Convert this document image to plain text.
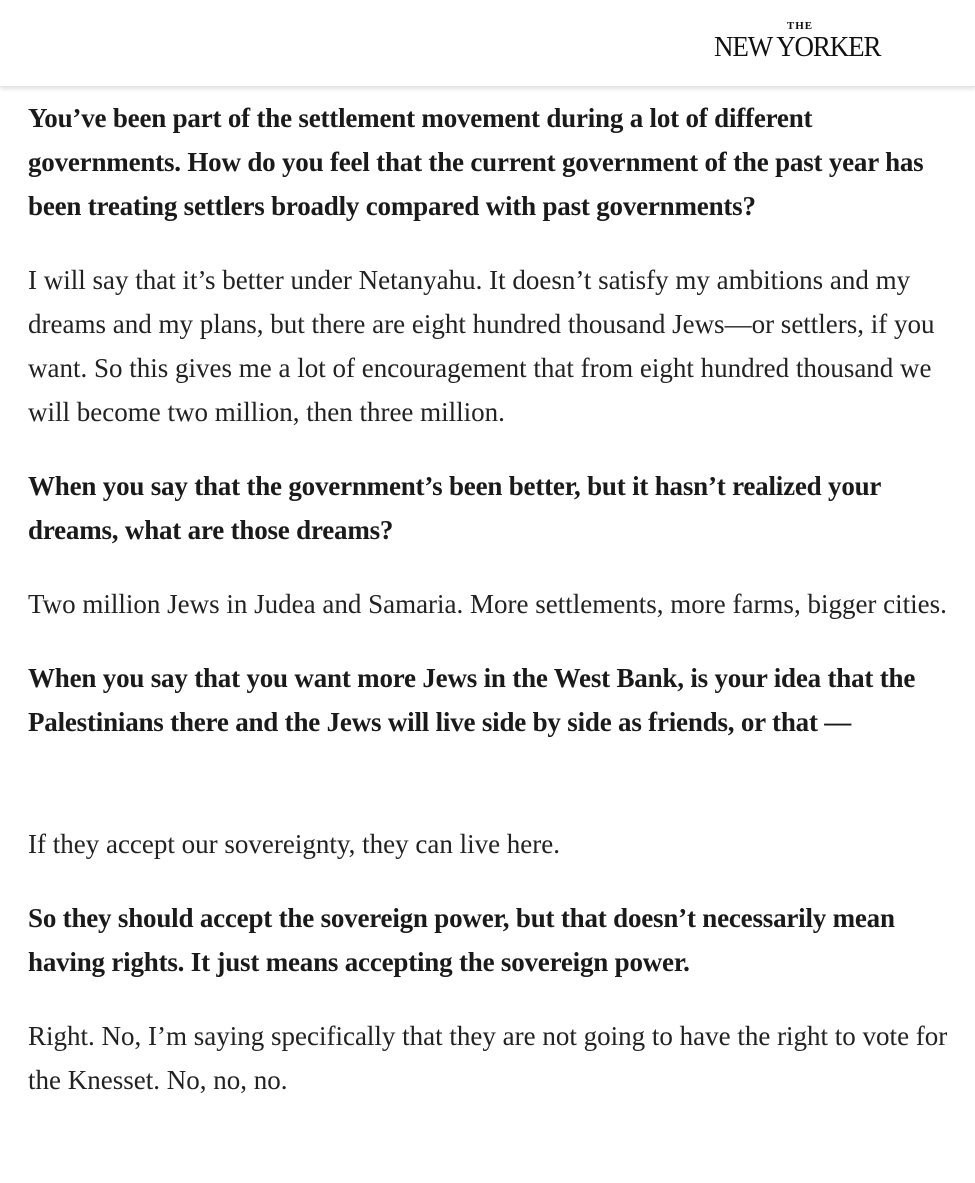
THE
NEW YORKER

You’ve been part of the settlement movement during a lot of different governments. How do you feel that the current government of the past year has been treating settlers broadly compared with past governments?

I will say that it’s better under Netanyahu. It doesn’t satisfy my ambitions and my dreams and my plans, but there are eight hundred thousand Jews—or settlers, if you want. So this gives me a lot of encouragement that from eight hundred thousand we will become two million, then three million.

When you say that the government’s been better, but it hasn’t realized your dreams, what are those dreams?

Two million Jews in Judea and Samaria. More settlements, more farms, bigger cities.

When you say that you want more Jews in the West Bank, is your idea that the Palestinians there and the Jews will live side by side as friends, or that —

If they accept our sovereignty, they can live here.

So they should accept the sovereign power, but that doesn’t necessarily mean having rights. It just means accepting the sovereign power.

Right. No, I’m saying specifically that they are not going to have the right to vote for the Knesset. No, no, no.
